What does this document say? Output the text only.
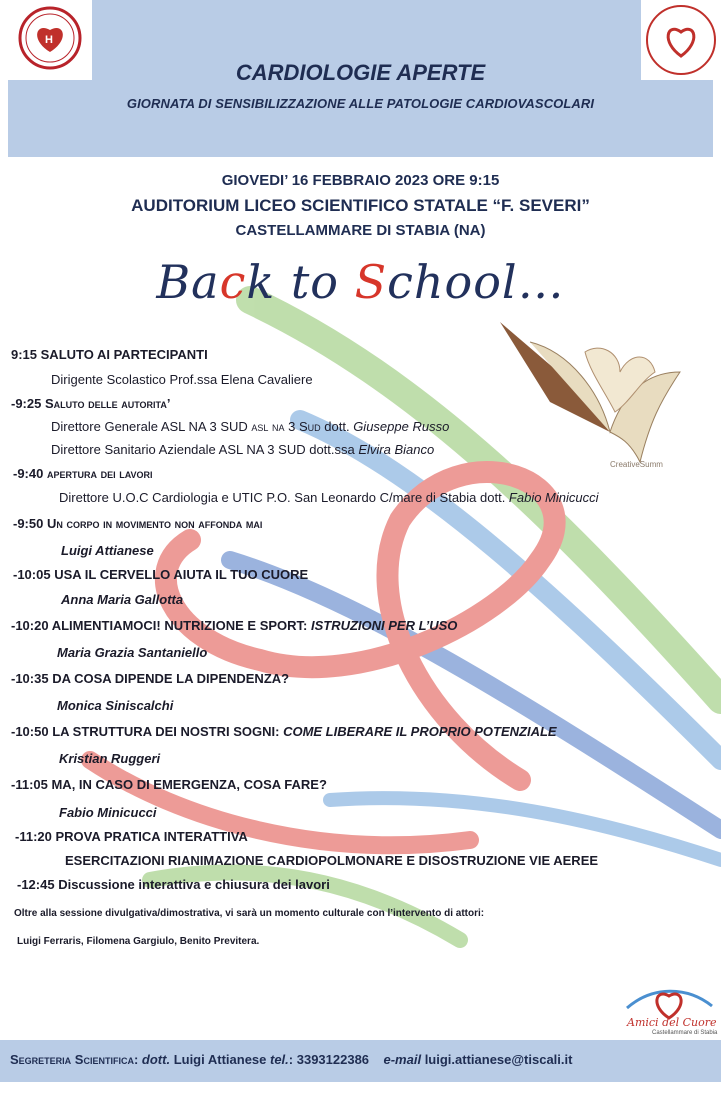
H
CARDIOLOGIE APERTE
GIORNATA DI SENSIBILIZZAZIONE ALLE PATOLOGIE CARDIOVASCOLARI
GIOVEDI’ 16 FEBBRAIO 2023 ORE 9:15
AUDITORIUM LICEO SCIENTIFICO STATALE “F. SEVERI”
CASTELLAMMARE DI STABIA (NA)
Back to School…
CreativeSumm
9:15 SALUTO AI PARTECIPANTI
Dirigente Scolastico Prof.ssa Elena Cavaliere
-9:25 Saluto delle autorita’
Direttore Generale ASL NA 3 SUD asl na 3 Sud dott. Giuseppe Russo
Direttore Sanitario Aziendale ASL NA 3 SUD dott.ssa Elvira Bianco
-9:40 apertura dei lavori
Direttore U.O.C Cardiologia e UTIC P.O. San Leonardo C/mare di Stabia dott. Fabio Minicucci
-9:50 Un corpo in movimento non affonda mai
Luigi Attianese
-10:05 USA IL CERVELLO AIUTA IL TUO CUORE
Anna Maria Gallotta
-10:20 ALIMENTIAMOCI! NUTRIZIONE E SPORT: ISTRUZIONI PER L’USO
Maria Grazia Santaniello
-10:35 DA COSA DIPENDE LA DIPENDENZA?
Monica Siniscalchi
-10:50 LA STRUTTURA DEI NOSTRI SOGNI: COME LIBERARE IL PROPRIO POTENZIALE
Kristian Ruggeri
-11:05 MA, IN CASO DI EMERGENZA, COSA FARE?
Fabio Minicucci
-11:20 PROVA PRATICA INTERATTIVA
ESERCITAZIONI RIANIMAZIONE CARDIOPOLMONARE E DISOSTRUZIONE VIE AEREE
-12:45 Discussione interattiva e chiusura dei lavori
Oltre alla sessione divulgativa/dimostrativa, vi sarà un momento culturale con l’intervento di attori:
Luigi Ferraris, Filomena Gargiulo, Benito Previtera.
Amici del Cuore
Castellammare di Stabia
Segreteria Scientifica: dott. Luigi Attianese tel.: 3393122386 e-mail luigi.attianese@tiscali.it
